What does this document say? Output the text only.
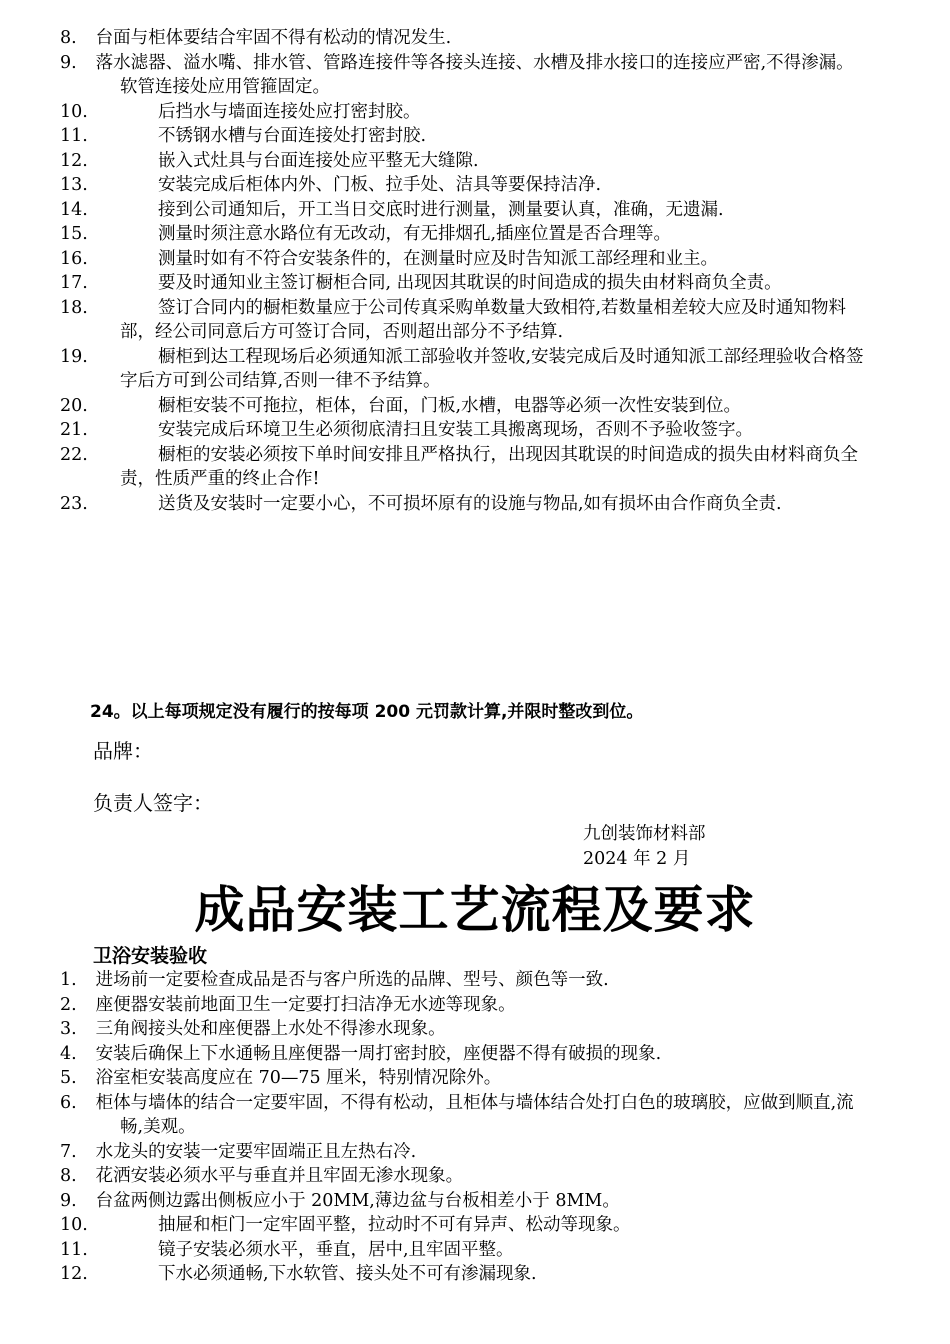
8. 台面与柜体要结合牢固不得有松动的情况发生.
9. 落水滤器、溢水嘴、排水管、管路连接件等各接头连接、水槽及排水接口的连接应严密,不得渗漏。软管连接处应用管箍固定。
10.	后挡水与墙面连接处应打密封胶。
11.	不锈钢水槽与台面连接处打密封胶.
12.	嵌入式灶具与台面连接处应平整无大缝隙.
13.	安装完成后柜体内外、门板、拉手处、洁具等要保持洁净.
14.	接到公司通知后，开工当日交底时进行测量，测量要认真，准确，无遗漏.
15.	测量时须注意水路位有无改动，有无排烟孔,插座位置是否合理等。
16.	测量时如有不符合安装条件的，在测量时应及时告知派工部经理和业主。
17.	要及时通知业主签订橱柜合同, 出现因其耽误的时间造成的损失由材料商负全责。
18.	签订合同内的橱柜数量应于公司传真采购单数量大致相符,若数量相差较大应及时通知物料部，经公司同意后方可签订合同，否则超出部分不予结算.
19.	橱柜到达工程现场后必须通知派工部验收并签收,安装完成后及时通知派工部经理验收合格签字后方可到公司结算,否则一律不予结算。
20.	橱柜安装不可拖拉，柜体，台面，门板,水槽，电器等必须一次性安装到位。
21.	安装完成后环境卫生必须彻底清扫且安装工具搬离现场，否则不予验收签字。
22.	橱柜的安装必须按下单时间安排且严格执行，出现因其耽误的时间造成的损失由材料商负全责，性质严重的终止合作!
23.	送货及安装时一定要小心，不可损坏原有的设施与物品,如有损坏由合作商负全责.
24。以上每项规定没有履行的按每项 200 元罚款计算,并限时整改到位。
品牌：
负责人签字：
九创装饰材料部
2024 年 2 月
成品安装工艺流程及要求
卫浴安装验收
1. 进场前一定要检查成品是否与客户所选的品牌、型号、颜色等一致.
2. 座便器安装前地面卫生一定要打扫洁净无水迹等现象。
3. 三角阀接头处和座便器上水处不得渗水现象。
4. 安装后确保上下水通畅且座便器一周打密封胶，座便器不得有破损的现象.
5. 浴室柜安装高度应在 70—75 厘米，特别情况除外。
6. 柜体与墙体的结合一定要牢固，不得有松动，且柜体与墙体结合处打白色的玻璃胶，应做到顺直,流畅,美观。
7. 水龙头的安装一定要牢固端正且左热右冷.
8. 花洒安装必须水平与垂直并且牢固无渗水现象。
9. 台盆两侧边露出侧板应小于 20MM,薄边盆与台板相差小于 8MM。
10.	抽屉和柜门一定牢固平整，拉动时不可有异声、松动等现象。
11.	镜子安装必须水平，垂直，居中,且牢固平整。
12.	下水必须通畅,下水软管、接头处不可有渗漏现象.
